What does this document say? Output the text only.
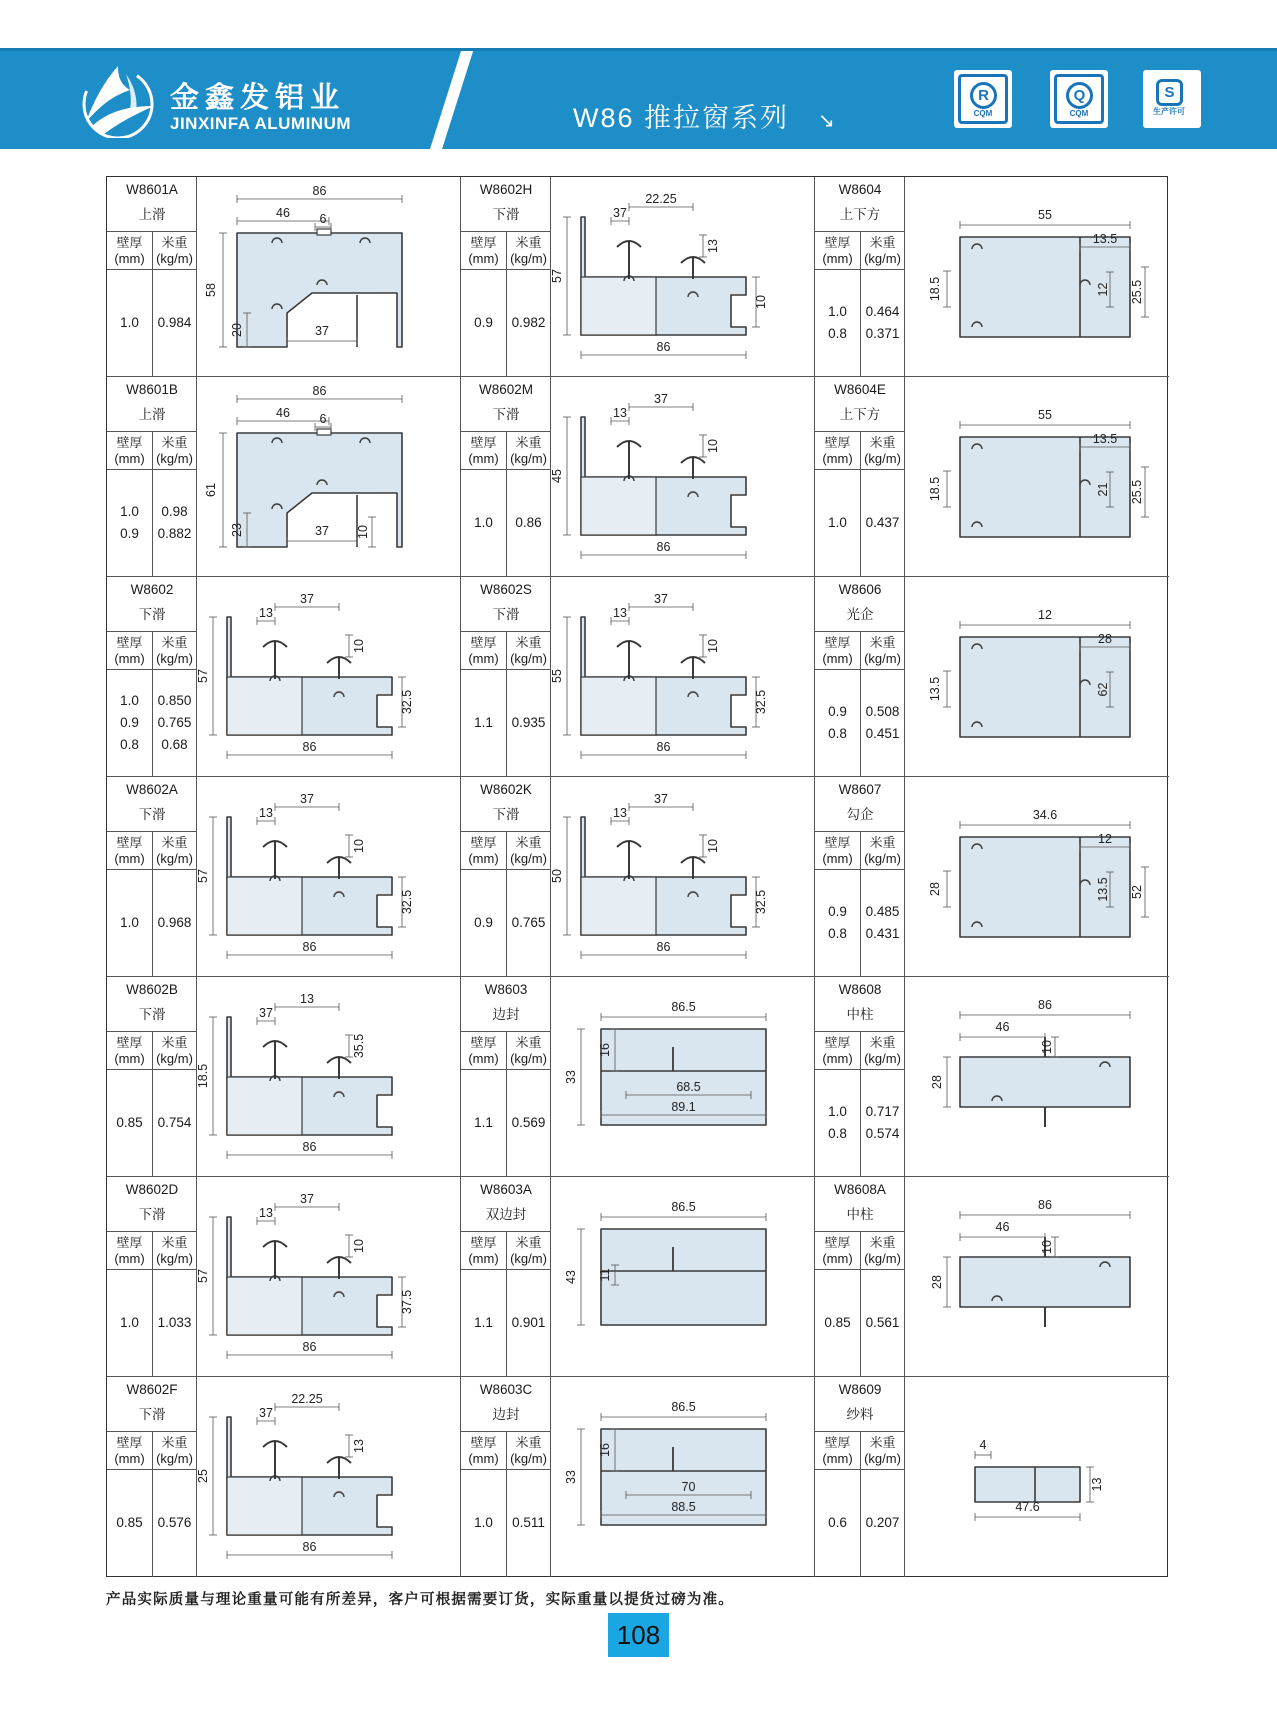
金鑫发铝业
JINXINFA ALUMINUM	W86 推拉窗系列 ↘
R
CQM
Q
CQM
S
生产许可
W8601A
上滑
壁厚
(mm)
米重
(kg/m)
1.0	0.984
86
46 6
58
20	37
W8602H
下滑
壁厚
(mm)
米重
(kg/m)
0.9	0.982
22.25
37
13
57
10
86
W8604
上下方
壁厚
(mm)
米重
(kg/m)
1.0	0.464
0.8	0.371
55
13.5
18.5	12 25.5
W8601B
上滑
壁厚
(mm)
米重
(kg/m)
1.0	0.98
0.9	0.882
86
46 6
61
23	37 10
W8602M
下滑
壁厚
(mm)
米重
(kg/m)
1.0	0.86
37
13
10
45
86
W8604E
上下方
壁厚
(mm)
米重
(kg/m)
1.0	0.437
55
13.5
18.5	21 25.5
W8602
下滑
壁厚
(mm)
米重
(kg/m)
1.0	0.850
0.9	0.765
0.8	0.68
37
13
10
57
32.5
86
W8602S
下滑
壁厚
(mm)
米重
(kg/m)
1.1	0.935
37
13
10
55
32.5
86
W8606
光企
壁厚
(mm)
米重
(kg/m)
0.9	0.508
0.8	0.451
12
28
13.5	62
W8602A
下滑
壁厚
(mm)
米重
(kg/m)
1.0	0.968
37
13
10
57
32.5
86
W8602K
下滑
壁厚
(mm)
米重
(kg/m)
0.9	0.765
37
13
10
50
32.5
86
W8607
勾企
壁厚
(mm)
米重
(kg/m)
0.9	0.485
0.8	0.431
34.6
12
28	13.5 52
W8602B
下滑
壁厚
(mm)
米重
(kg/m)
0.85	0.754
13
37
35.5
18.5
86
W8603
边封
壁厚
(mm)
米重
(kg/m)
1.1	0.569
86.5
16
33
68.5
89.1
W8608
中柱
壁厚
(mm)
米重
(kg/m)
1.0	0.717
0.8	0.574
86
46
10
28
W8602D
下滑
壁厚
(mm)
米重
(kg/m)
1.0	1.033
37
13
10
57
37.5
86
W8603A
双边封
壁厚
(mm)
米重
(kg/m)
1.1	0.901
86.5
43 11
W8608A
中柱
壁厚
(mm)
米重
(kg/m)
0.85	0.561
86
46
10
28
W8602F
下滑
壁厚
(mm)
米重
(kg/m)
0.85	0.576
22.25
37
13
25
86
W8603C
边封
壁厚
(mm)
米重
(kg/m)
1.0	0.511
86.5
16
33
70
88.5
W8609
纱料
壁厚
(mm)
米重
(kg/m)
0.6	0.207
4
13
47.6
产品实际质量与理论重量可能有所差异，客户可根据需要订货，实际重量以提货过磅为准。
108
